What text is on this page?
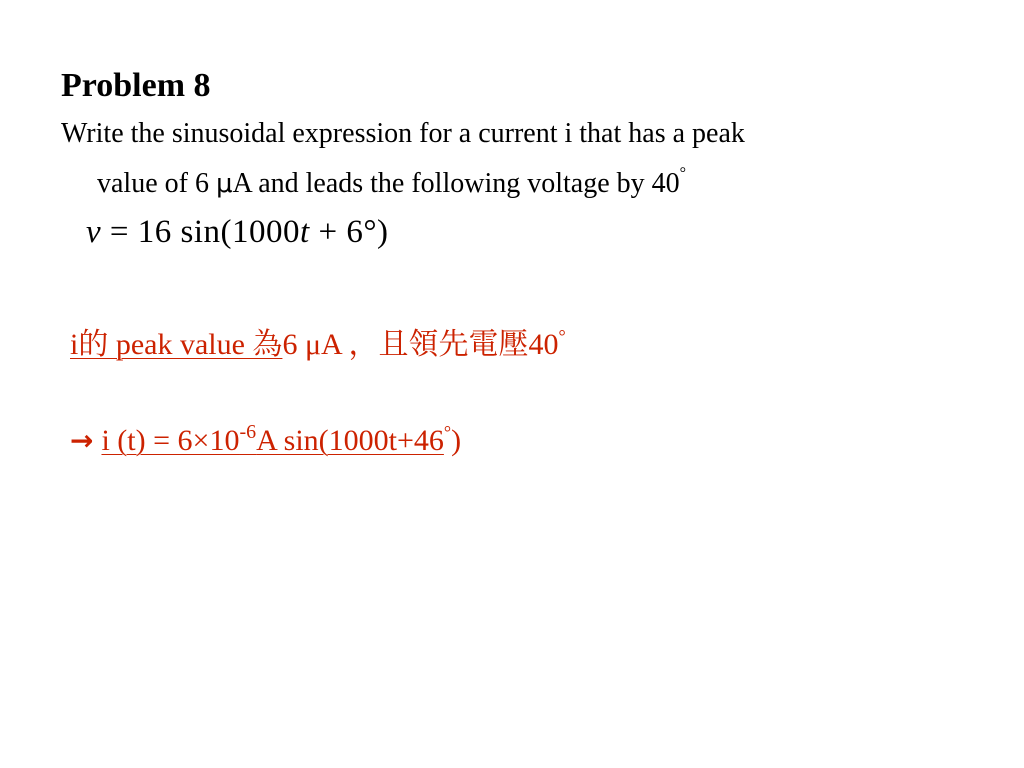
Problem 8
Write the sinusoidal expression for a current i that has a peak
value of 6 μA and leads the following voltage by 40°
v = 16 sin(1000t + 6°)
i的 peak value 為6 μA ，且領先電壓40°
→ i $(t) = 6\times 10^{-6}A$ sin(1000t+46°)
